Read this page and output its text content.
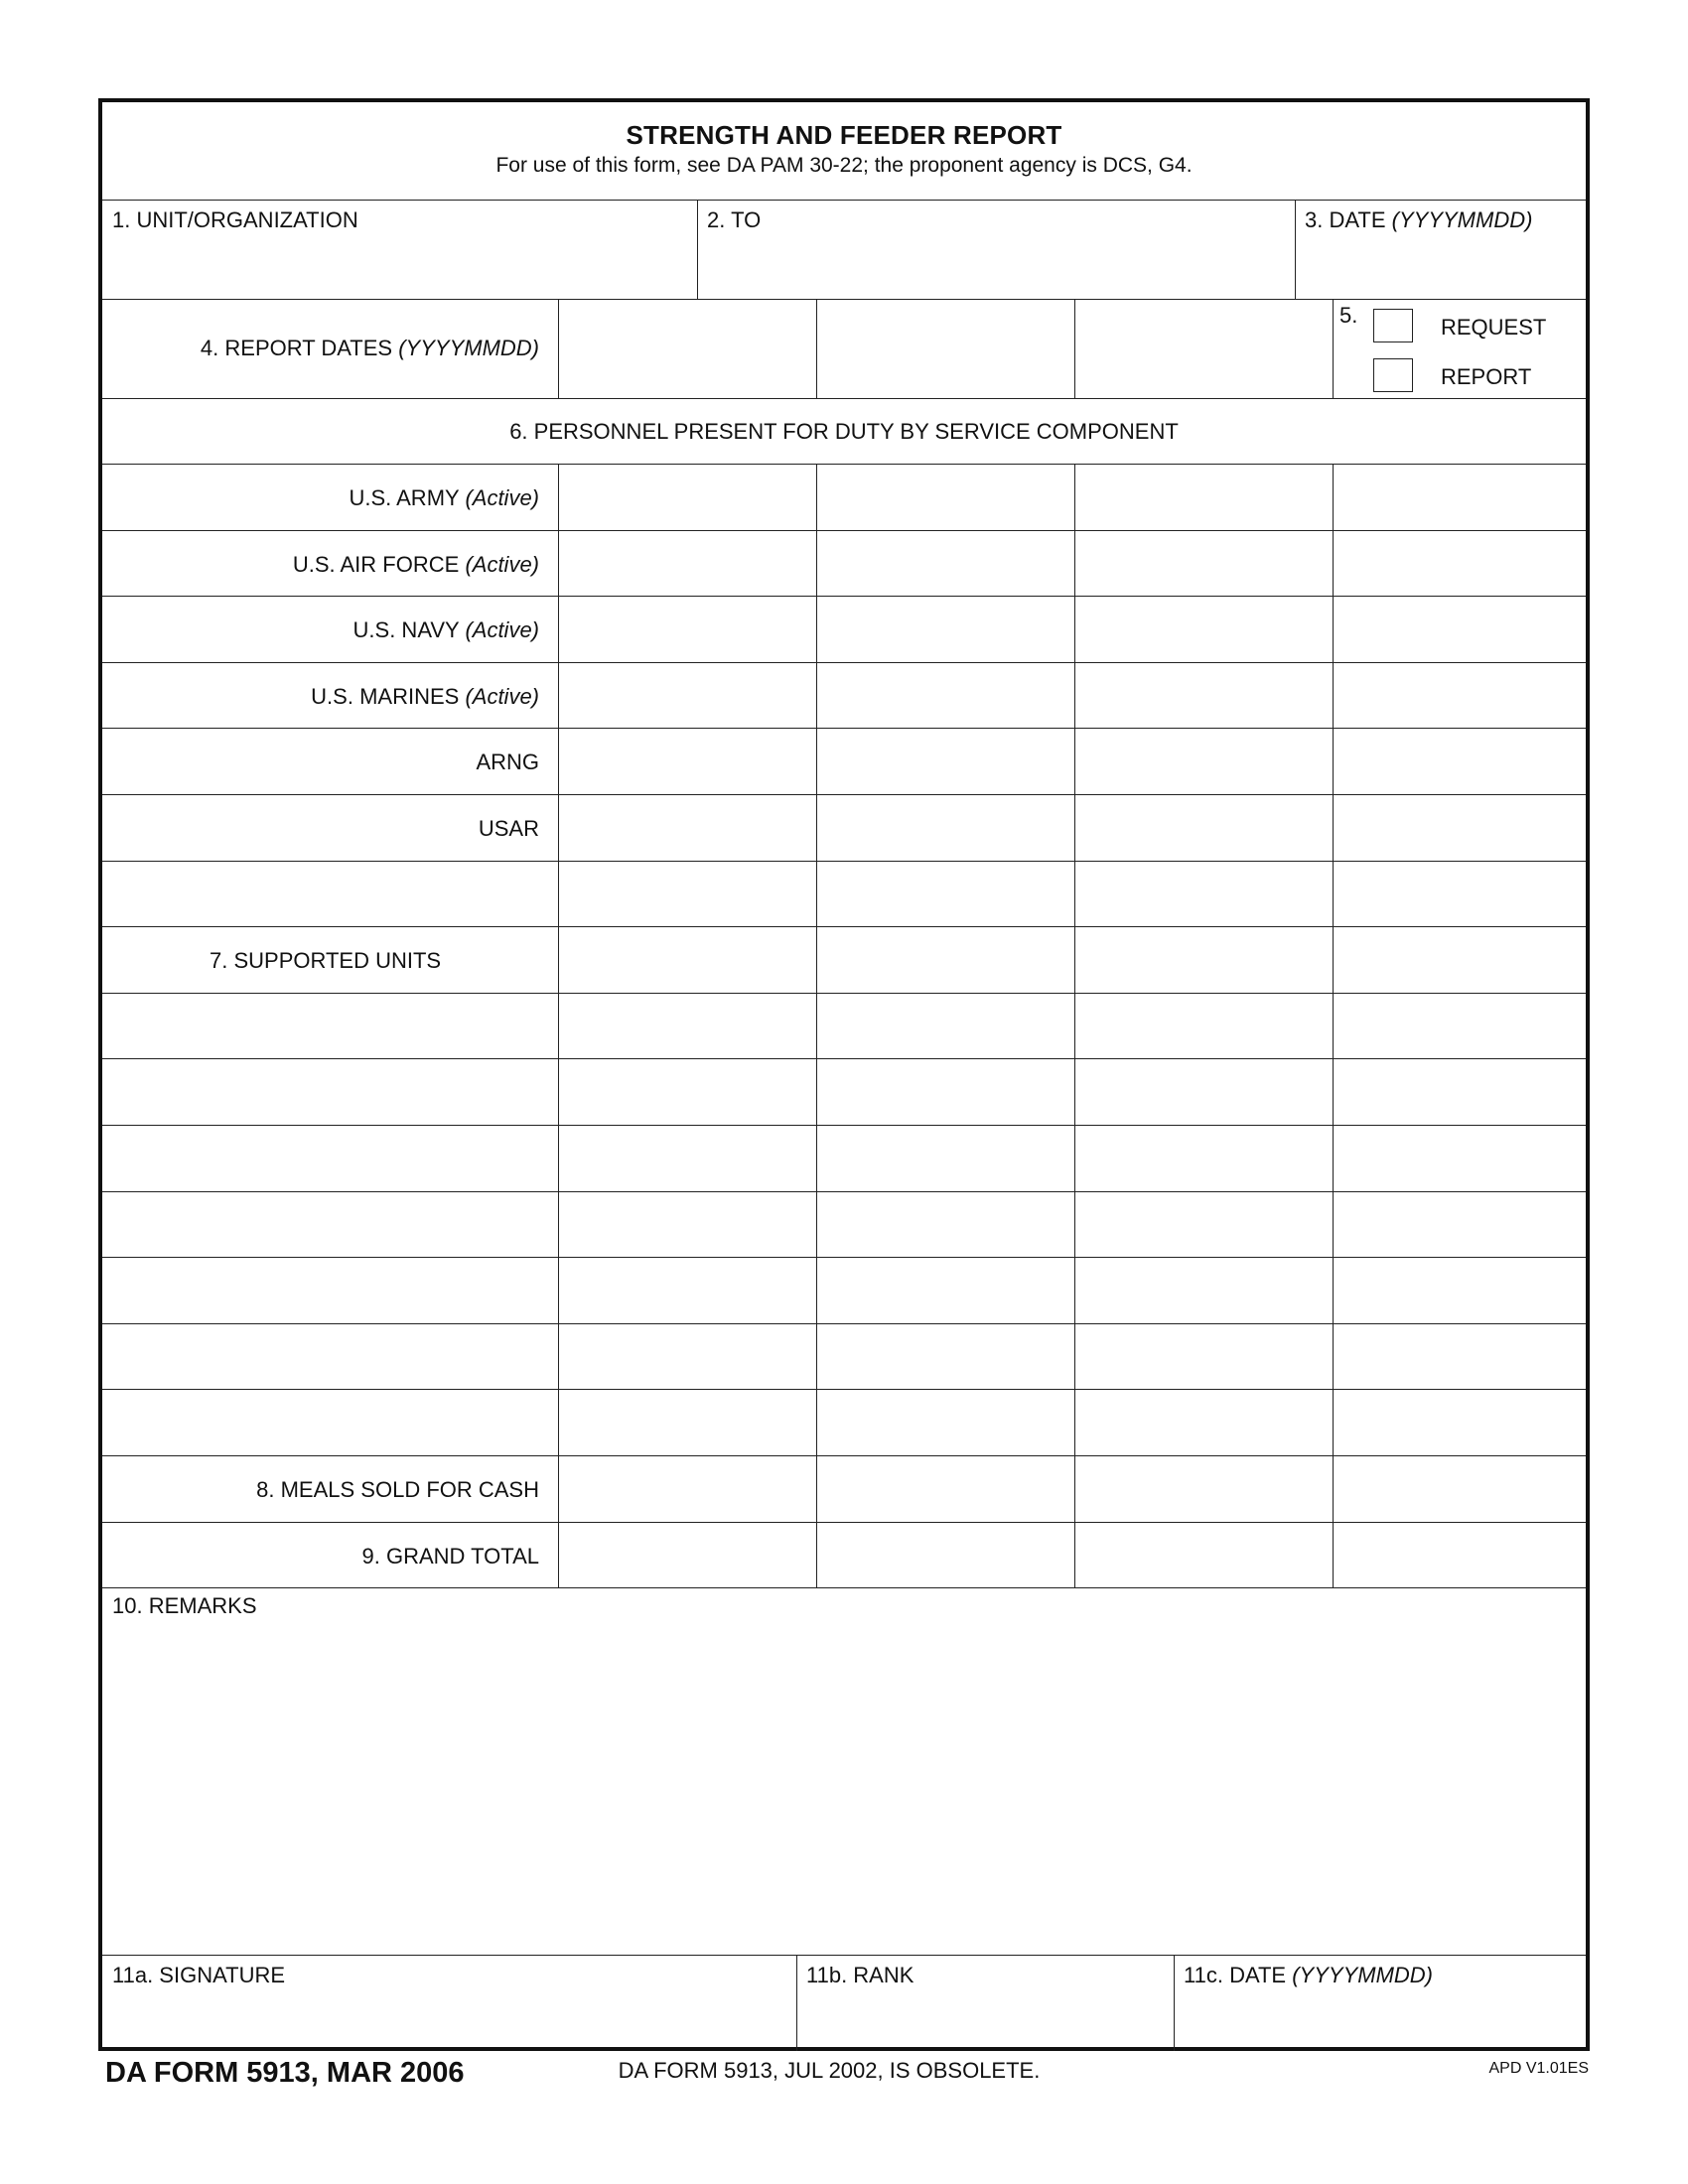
STRENGTH AND FEEDER REPORT
For use of this form, see DA PAM 30-22; the proponent agency is DCS, G4.
1. UNIT/ORGANIZATION	2. TO	3. DATE (YYYYMMDD)
4. REPORT DATES (YYYYMMDD)
5.	REQUEST
REPORT
6. PERSONNEL PRESENT FOR DUTY BY SERVICE COMPONENT
U.S. ARMY (Active)
U.S. AIR FORCE (Active)
U.S. NAVY (Active)
U.S. MARINES (Active)
ARNG
USAR
7. SUPPORTED UNITS
8. MEALS SOLD FOR CASH
9. GRAND TOTAL
10. REMARKS
11a. SIGNATURE	11b. RANK	11c. DATE (YYYYMMDD)
DA FORM 5913, MAR 2006	DA FORM 5913, JUL 2002, IS OBSOLETE.	APD V1.01ES
